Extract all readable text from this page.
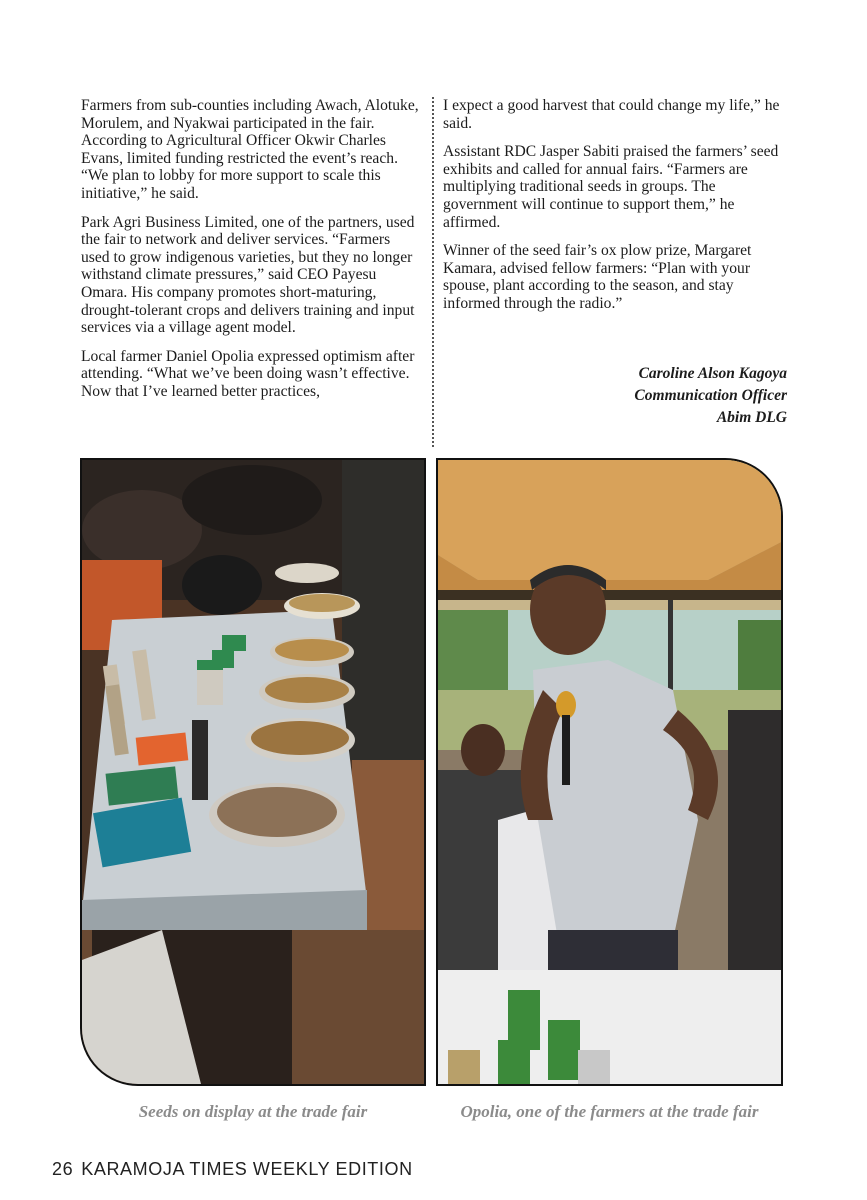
Farmers from sub-counties including Awach, Alotuke, Morulem, and Nyakwai participated in the fair. According to Agricultural Officer Okwir Charles Evans, limited funding restricted the event’s reach. “We plan to lobby for more support to scale this initiative,” he said.

Park Agri Business Limited, one of the partners, used the fair to network and deliver services. “Farmers used to grow indigenous varieties, but they no longer withstand climate pressures,” said CEO Payesu Omara. His company promotes short-maturing, drought-tolerant crops and delivers training and input services via a village agent model.

Local farmer Daniel Opolia expressed optimism after attending. “What we’ve been doing wasn’t effective. Now that I’ve learned better practices,

I expect a good harvest that could change my life,” he said.

Assistant RDC Jasper Sabiti praised the farmers’ seed exhibits and called for annual fairs. “Farmers are multiplying traditional seeds in groups. The government will continue to support them,” he affirmed.

Winner of the seed fair’s ox plow prize, Margaret Kamara, advised fellow farmers: “Plan with your spouse, plant according to the season, and stay informed through the radio.”

Caroline Alson Kagoya
Communication Officer
Abim DLG
Seeds on display at the trade fair	Opolia, one of the farmers at the trade fair
26 KARAMOJA TIMES WEEKLY EDITION
